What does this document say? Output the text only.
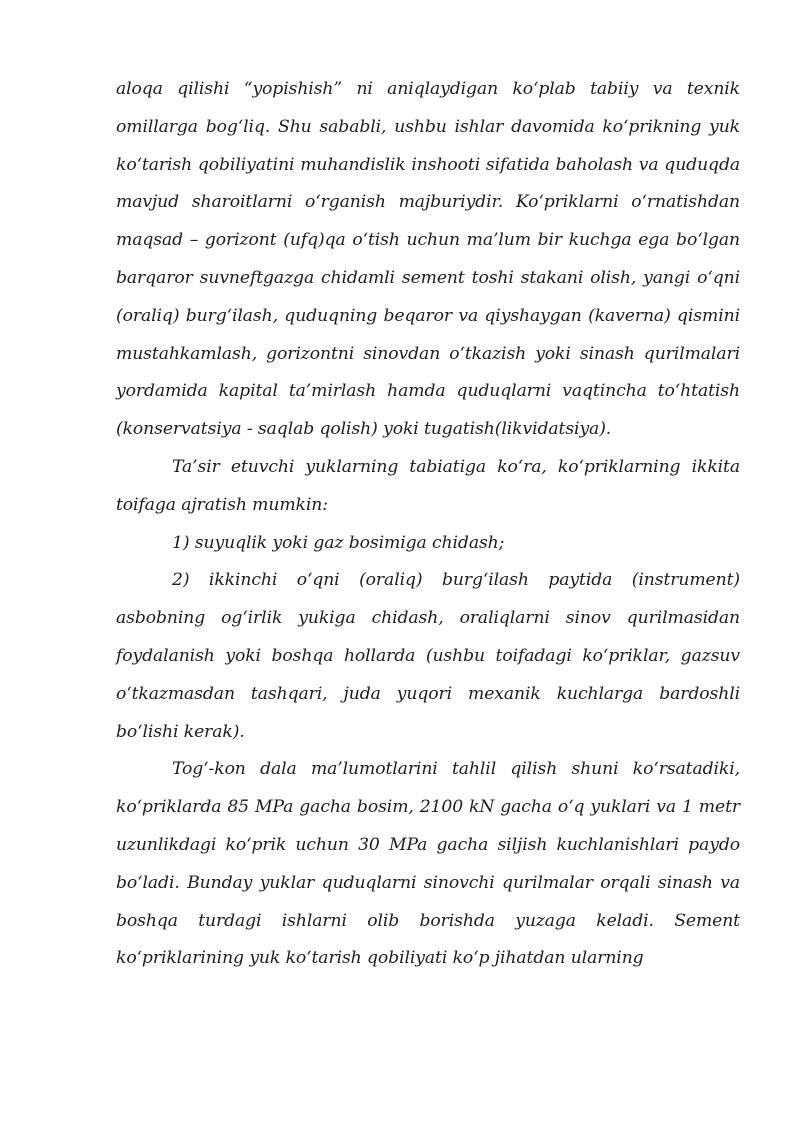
aloqa qilishi “yopishish” ni aniqlaydigan ko‘plab tabiiy va texnik omillarga bog‘liq. Shu sababli, ushbu ishlar davomida ko‘prikning yuk ko‘tarish qobiliyatini muhandislik inshooti sifatida baholash va quduqda mavjud sharoitlarni o‘rganish majburiydir. Ko‘priklarni o‘rnatishdan maqsad – gorizont (ufq)qa o‘tish uchun ma’lum bir kuchga ega bo‘lgan barqaror suvneftgazga chidamli sement toshi stakani olish, yangi o‘qni (oraliq) burg‘ilash, quduqning beqaror va qiyshaygan (kaverna) qismini mustahkamlash, gorizontni sinovdan o‘tkazish yoki sinash qurilmalari yordamida kapital ta’mirlash hamda quduqlarni vaqtincha to‘htatish (konservatsiya - saqlab qolish) yoki tugatish(likvidatsiya).

Ta’sir etuvchi yuklarning tabiatiga ko‘ra, ko‘priklarning ikkita toifaga ajratish mumkin:

1) suyuqlik yoki gaz bosimiga chidash;

2) ikkinchi o‘qni (oraliq) burg‘ilash paytida (instrument) asbobning og‘irlik yukiga chidash, oraliqlarni sinov qurilmasidan foydalanish yoki boshqa hollarda (ushbu toifadagi ko‘priklar, gazsuv o‘tkazmasdan tashqari, juda yuqori mexanik kuchlarga bardoshli bo‘lishi kerak).

Tog‘-kon dala ma’lumotlarini tahlil qilish shuni ko‘rsatadiki, ko‘priklarda 85 MPa gacha bosim, 2100 kN gacha o‘q yuklari va 1 metr uzunlikdagi ko‘prik uchun 30 MPa gacha siljish kuchlanishlari paydo bo‘ladi. Bunday yuklar quduqlarni sinovchi qurilmalar orqali sinash va boshqa turdagi ishlarni olib borishda yuzaga keladi. Sement ko‘priklarining yuk ko‘tarish qobiliyati ko‘p jihatdan ularning
